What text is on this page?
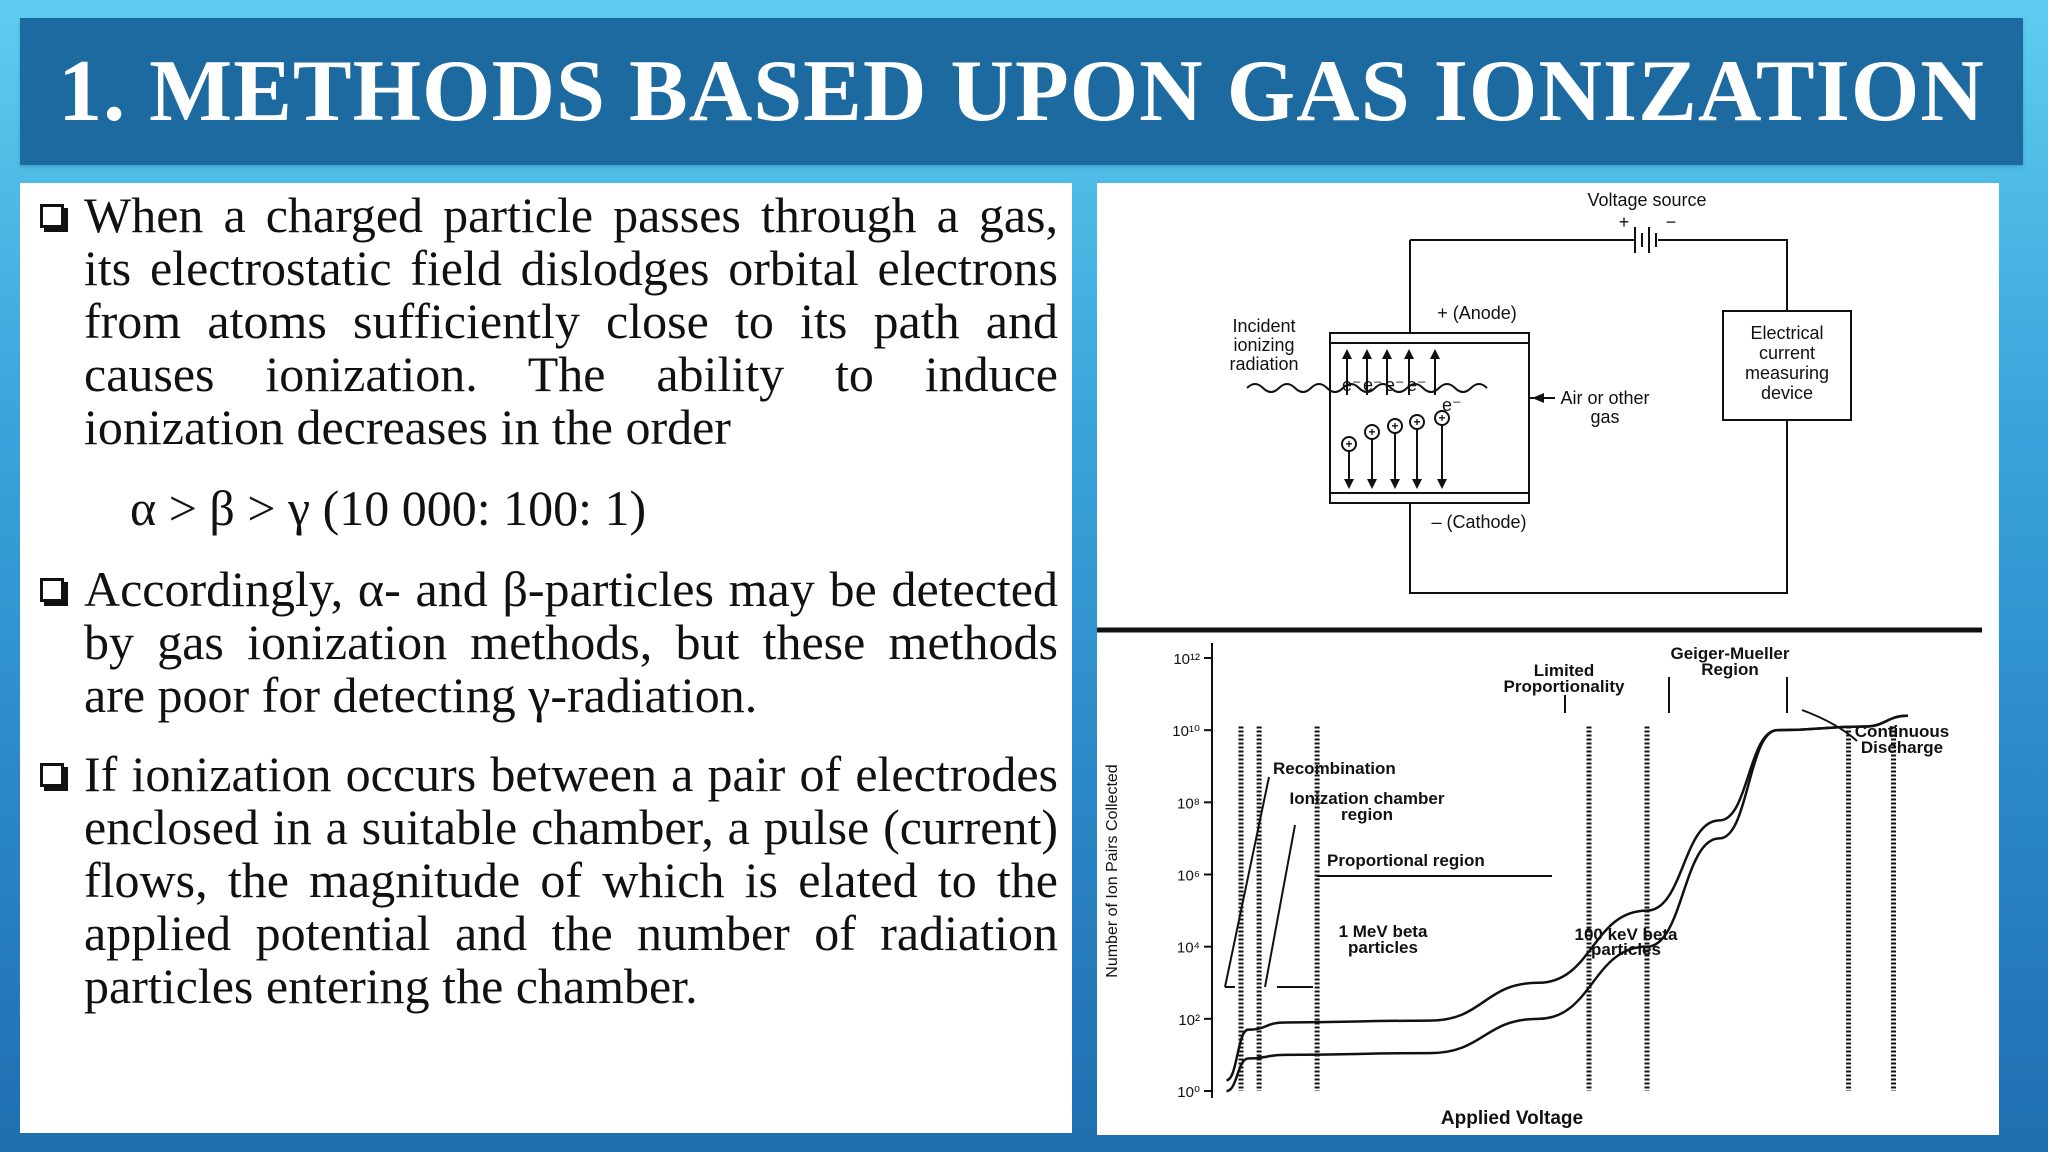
1. METHODS BASED UPON GAS IONIZATION
When a charged particle passes through a gas, its electrostatic field dislodges orbital electrons from atoms sufficiently close to its path and causes ionization. The ability to induce ionization decreases in the order
α > β > γ (10 000: 100: 1)
Accordingly, α- and β-particles may be detected by gas ionization methods, but these methods are poor for detecting γ-radiation.
If ionization occurs between a pair of electrodes enclosed in a suitable chamber, a pulse (current) flows, the magnitude of which is elated to the applied potential and the number of radiation particles entering the chamber.
Voltage source
+ −
+ (Anode)
– (Cathode)
Incident
ionizing
radiation
Air or other
gas
Electrical
current
measuring
device
e⁻ e⁻ e⁻ e⁻
e⁻
+
+ + + +
10⁰
10²
10⁴
10⁶
10⁸
10¹⁰
10¹²
Number of Ion Pairs Collected
Applied Voltage
Recombination
Ionization chamber
region
Proportional region
Limited
Proportionality
Geiger-Mueller
Region
Continuous
Discharge
1 MeV beta
particles
100 keV beta
particles
